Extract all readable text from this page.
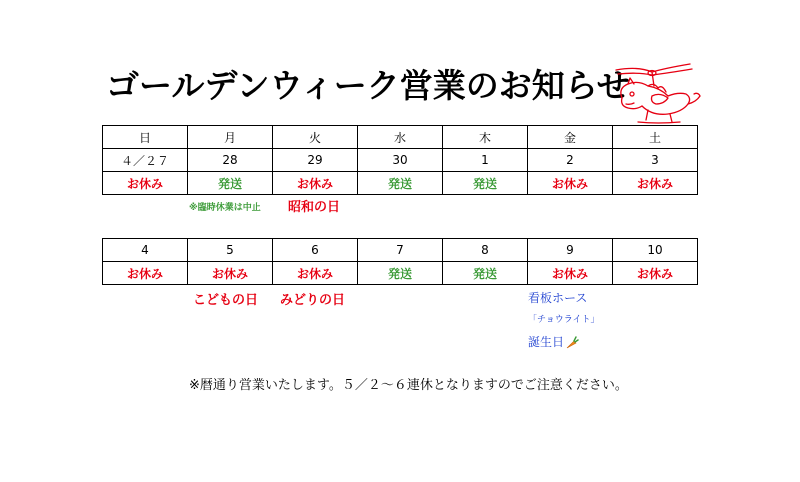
ゴールデンウィーク営業のお知らせ
日	月	火	水	木	金	土
４／２７	28	29	30	1	2	3
お休み	発送	お休み	発送	発送	お休み	お休み
※臨時休業は中止 昭和の日
4	5	6	7	8	9	10
お休み	お休み	お休み	発送	発送	お休み	お休み
こどもの日 みどりの日	看板ホース
「チョウライト」
誕生日
※暦通り営業いたします。５／２～６連休となりますのでご注意ください。
